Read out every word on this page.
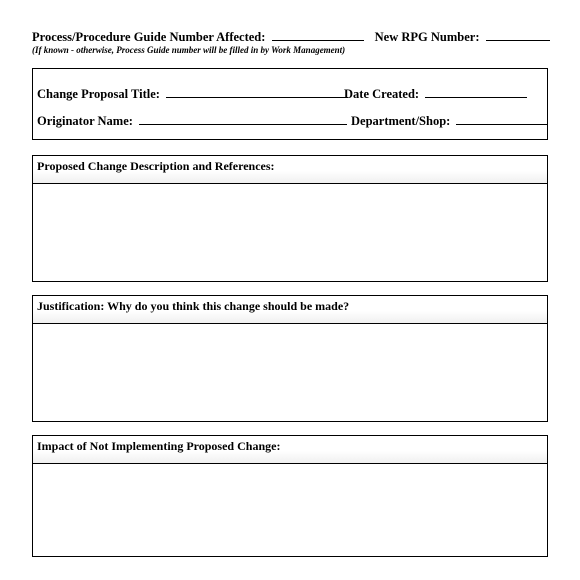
Process/Procedure Guide Number Affected:	New RPG Number:
(If known - otherwise, Process Guide number will be filled in by Work Management)
Change Proposal Title:	Date Created:
Originator Name:	Department/Shop:
Proposed Change Description and References:
Justification: Why do you think this change should be made?
Impact of Not Implementing Proposed Change:
